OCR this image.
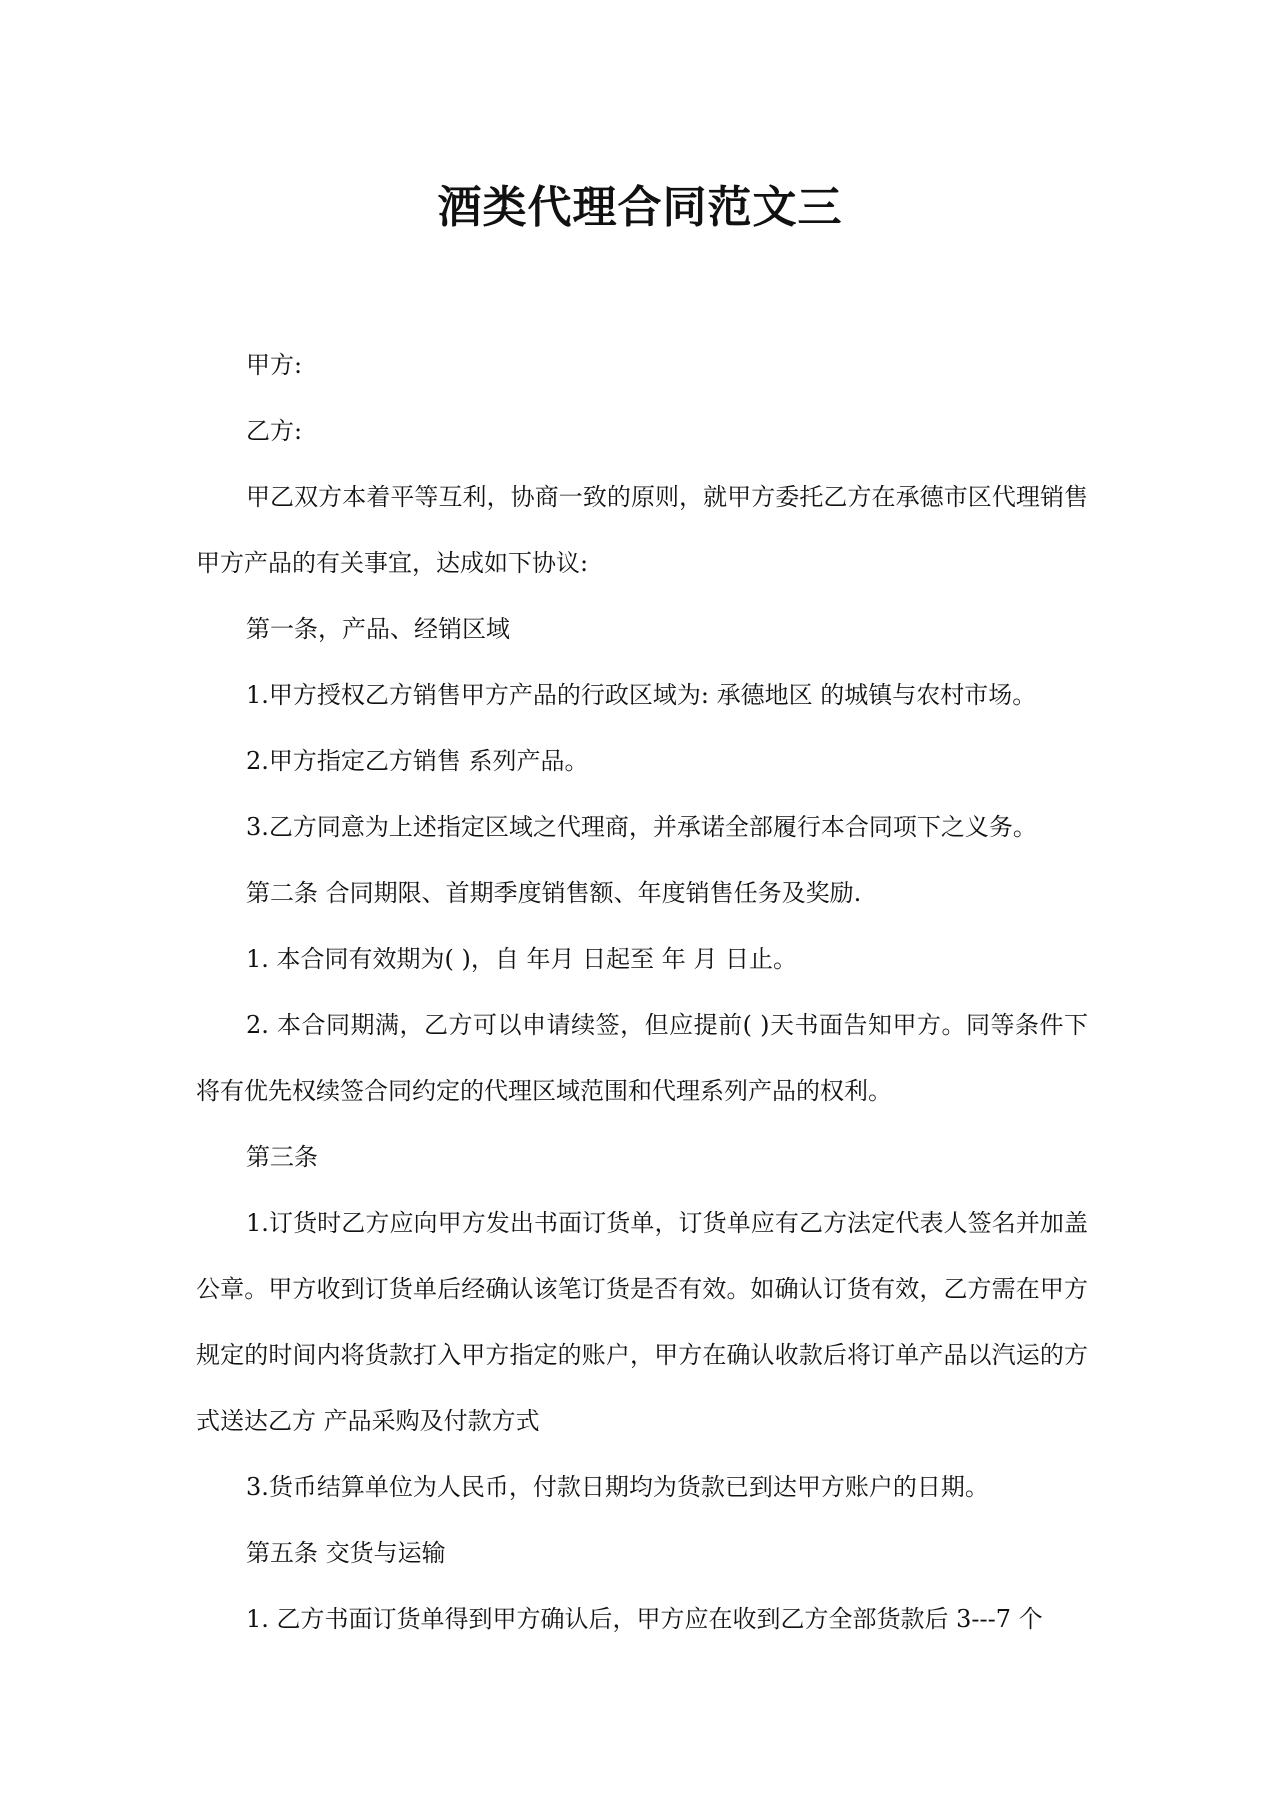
酒类代理合同范文三

甲方:

乙方:

甲乙双方本着平等互利，协商一致的原则，就甲方委托乙方在承德市区代理销售甲方产品的有关事宜，达成如下协议:

第一条，产品、经销区域

1.甲方授权乙方销售甲方产品的行政区域为: 承德地区 的城镇与农村市场。

2.甲方指定乙方销售 系列产品。

3.乙方同意为上述指定区域之代理商，并承诺全部履行本合同项下之义务。

第二条 合同期限、首期季度销售额、年度销售任务及奖励.

1. 本合同有效期为( )，自 年月 日起至 年 月 日止。

2. 本合同期满，乙方可以申请续签，但应提前( )天书面告知甲方。同等条件下将有优先权续签合同约定的代理区域范围和代理系列产品的权利。

第三条

1.订货时乙方应向甲方发出书面订货单，订货单应有乙方法定代表人签名并加盖公章。甲方收到订货单后经确认该笔订货是否有效。如确认订货有效，乙方需在甲方规定的时间内将货款打入甲方指定的账户，甲方在确认收款后将订单产品以汽运的方式送达乙方 产品采购及付款方式

3.货币结算单位为人民币，付款日期均为货款已到达甲方账户的日期。

第五条 交货与运输

1. 乙方书面订货单得到甲方确认后，甲方应在收到乙方全部货款后 3---7 个
